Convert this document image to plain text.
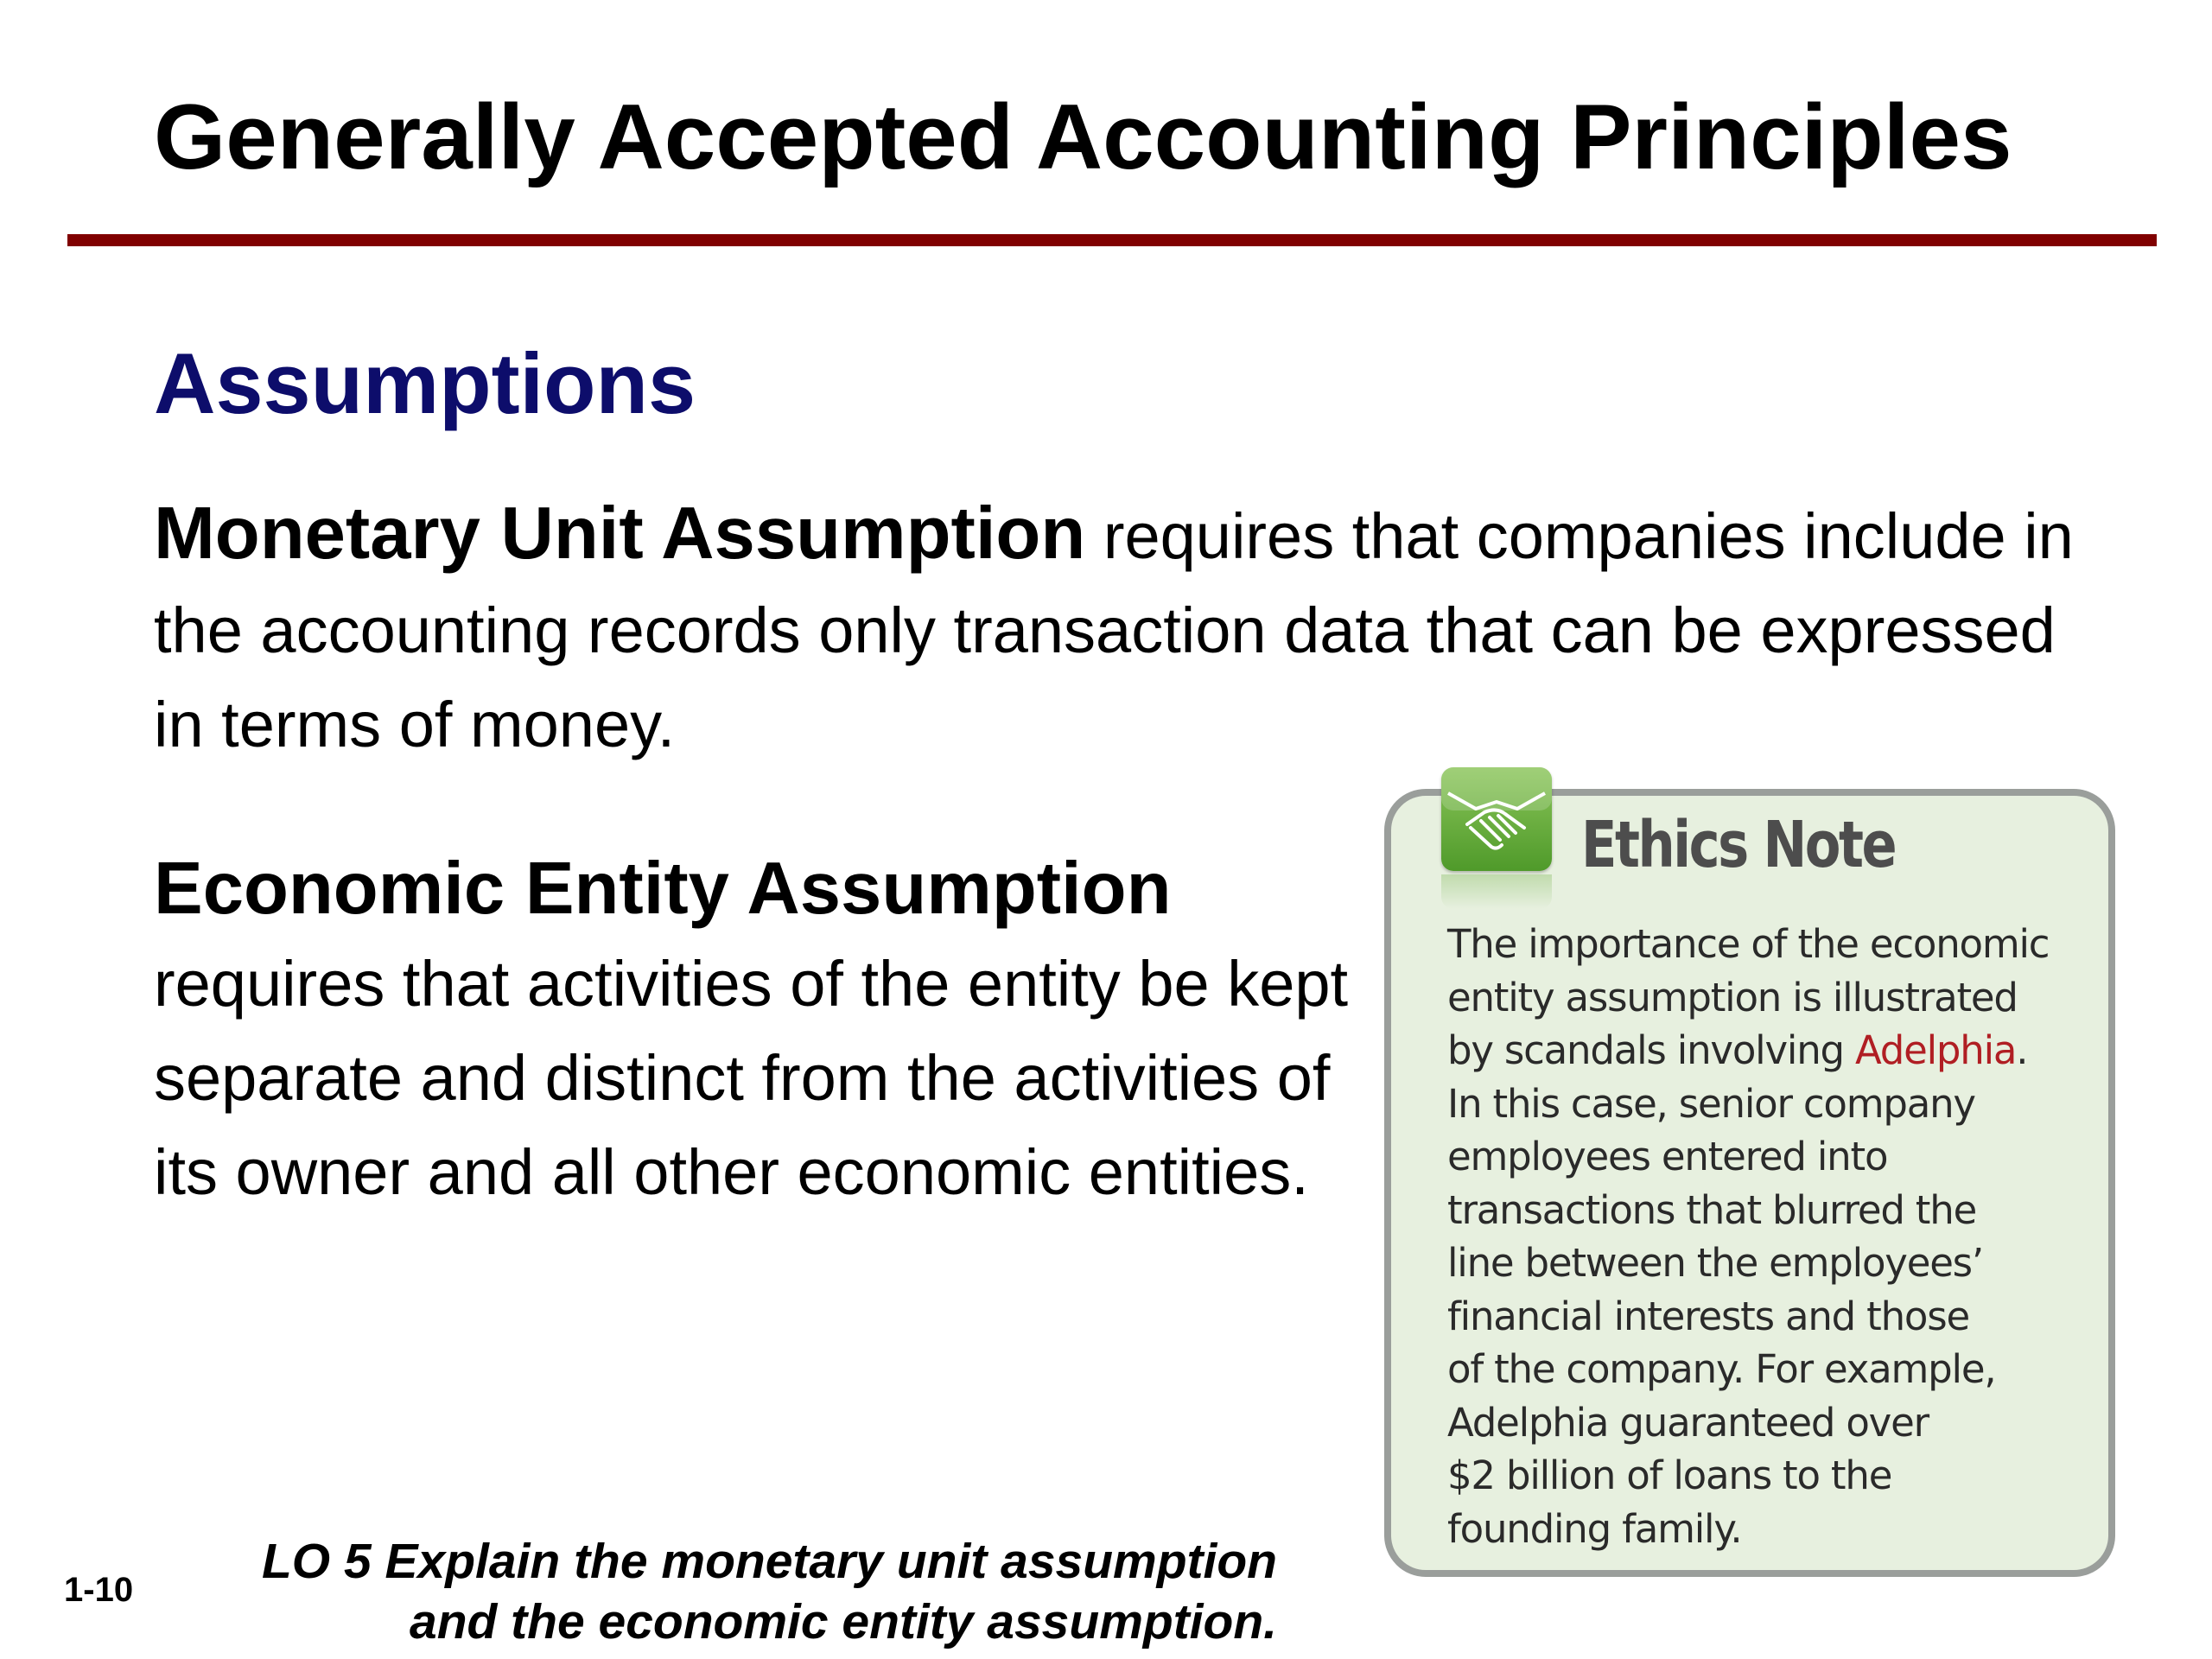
Generally Accepted Accounting Principles
Assumptions
Monetary Unit Assumption requires that companies include in the accounting records only transaction data that can be expressed in terms of money.
Economic Entity Assumption
requires that activities of the entity be kept separate and distinct from the activities of its owner and all other economic entities.
Ethics Note
The importance of the economic
entity assumption is illustrated
by scandals involving Adelphia.
In this case, senior company
employees entered into
transactions that blurred the
line between the employees’
financial interests and those
of the company. For example,
Adelphia guaranteed over
$2 billion of loans to the
founding family.
1-10
LO 5 Explain the monetary unit assumption
and the economic entity assumption.
